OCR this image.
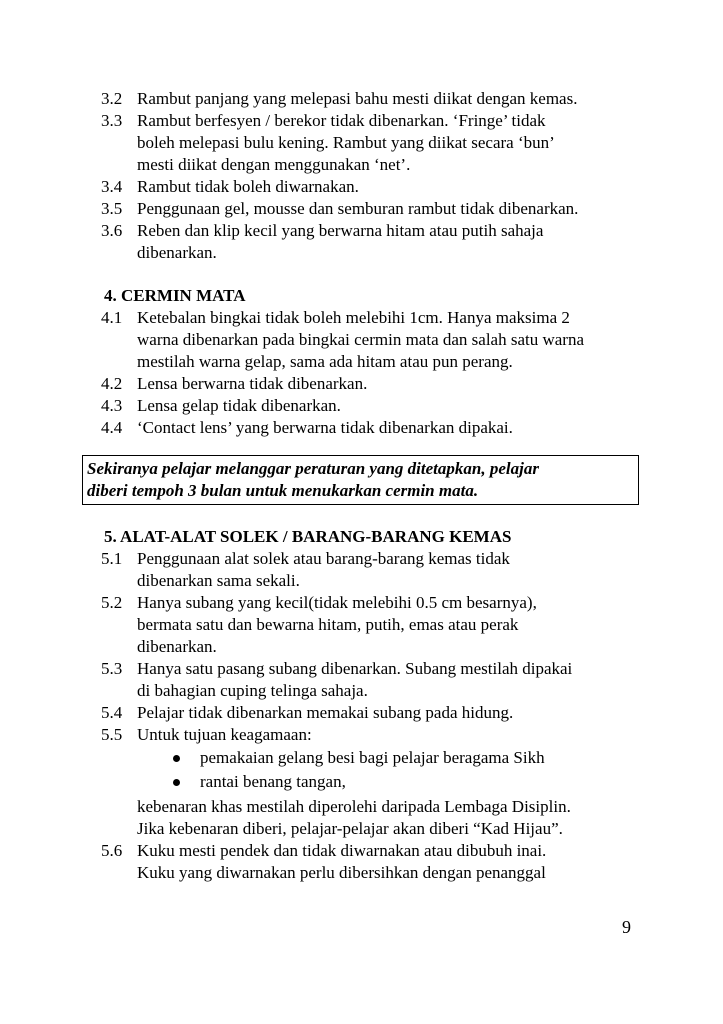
3.2 Rambut panjang yang melepasi bahu mesti diikat dengan kemas.
3.3 Rambut berfesyen / berekor tidak dibenarkan. ‘Fringe’ tidak
boleh melepasi bulu kening. Rambut yang diikat secara ‘bun’
mesti diikat dengan menggunakan ‘net’.
3.4 Rambut tidak boleh diwarnakan.
3.5 Penggunaan gel, mousse dan semburan rambut tidak dibenarkan.
3.6 Reben dan klip kecil yang berwarna hitam atau putih sahaja
dibenarkan.
4. CERMIN MATA
4.1 Ketebalan bingkai tidak boleh melebihi 1cm. Hanya maksima 2
warna dibenarkan pada bingkai cermin mata dan salah satu warna
mestilah warna gelap, sama ada hitam atau pun perang.
4.2 Lensa berwarna tidak dibenarkan.
4.3 Lensa gelap tidak dibenarkan.
4.4 ‘Contact lens’ yang berwarna tidak dibenarkan dipakai.
Sekiranya pelajar melanggar peraturan yang ditetapkan, pelajar
diberi tempoh 3 bulan untuk menukarkan cermin mata.
5. ALAT-ALAT SOLEK / BARANG-BARANG KEMAS
5.1 Penggunaan alat solek atau barang-barang kemas tidak
dibenarkan sama sekali.
5.2 Hanya subang yang kecil(tidak melebihi 0.5 cm besarnya),
bermata satu dan bewarna hitam, putih, emas atau perak
dibenarkan.
5.3 Hanya satu pasang subang dibenarkan. Subang mestilah dipakai
di bahagian cuping telinga sahaja.
5.4 Pelajar tidak dibenarkan memakai subang pada hidung.
5.5 Untuk tujuan keagamaan:
pemakaian gelang besi bagi pelajar beragama Sikh
rantai benang tangan,
kebenaran khas mestilah diperolehi daripada Lembaga Disiplin.
Jika kebenaran diberi, pelajar-pelajar akan diberi “Kad Hijau”.
5.6 Kuku mesti pendek dan tidak diwarnakan atau dibubuh inai.
Kuku yang diwarnakan perlu dibersihkan dengan penanggal
9
